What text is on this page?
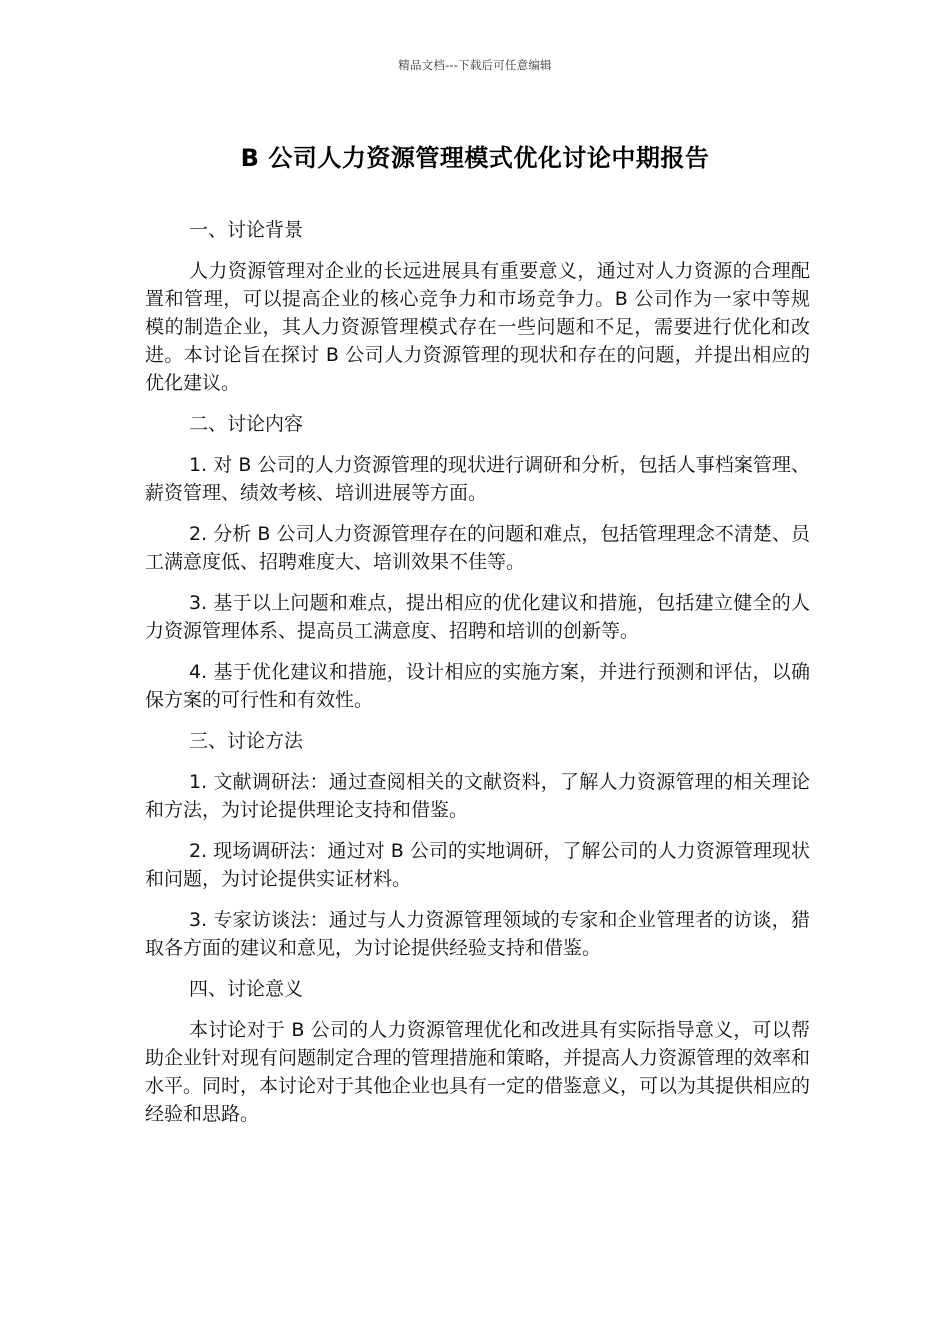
精品文档---下载后可任意编辑
B 公司人力资源管理模式优化讨论中期报告

一、讨论背景

人力资源管理对企业的长远进展具有重要意义，通过对人力资源的合理配置和管理，可以提高企业的核心竞争力和市场竞争力。B 公司作为一家中等规模的制造企业，其人力资源管理模式存在一些问题和不足，需要进行优化和改进。本讨论旨在探讨 B 公司人力资源管理的现状和存在的问题，并提出相应的优化建议。

二、讨论内容

1. 对 B 公司的人力资源管理的现状进行调研和分析，包括人事档案管理、薪资管理、绩效考核、培训进展等方面。

2. 分析 B 公司人力资源管理存在的问题和难点，包括管理理念不清楚、员工满意度低、招聘难度大、培训效果不佳等。

3. 基于以上问题和难点，提出相应的优化建议和措施，包括建立健全的人力资源管理体系、提高员工满意度、招聘和培训的创新等。

4. 基于优化建议和措施，设计相应的实施方案，并进行预测和评估，以确保方案的可行性和有效性。

三、讨论方法

1. 文献调研法：通过查阅相关的文献资料，了解人力资源管理的相关理论和方法，为讨论提供理论支持和借鉴。

2. 现场调研法：通过对 B 公司的实地调研，了解公司的人力资源管理现状和问题，为讨论提供实证材料。

3. 专家访谈法：通过与人力资源管理领域的专家和企业管理者的访谈，猎取各方面的建议和意见，为讨论提供经验支持和借鉴。

四、讨论意义

本讨论对于 B 公司的人力资源管理优化和改进具有实际指导意义，可以帮助企业针对现有问题制定合理的管理措施和策略，并提高人力资源管理的效率和水平。同时，本讨论对于其他企业也具有一定的借鉴意义，可以为其提供相应的经验和思路。
